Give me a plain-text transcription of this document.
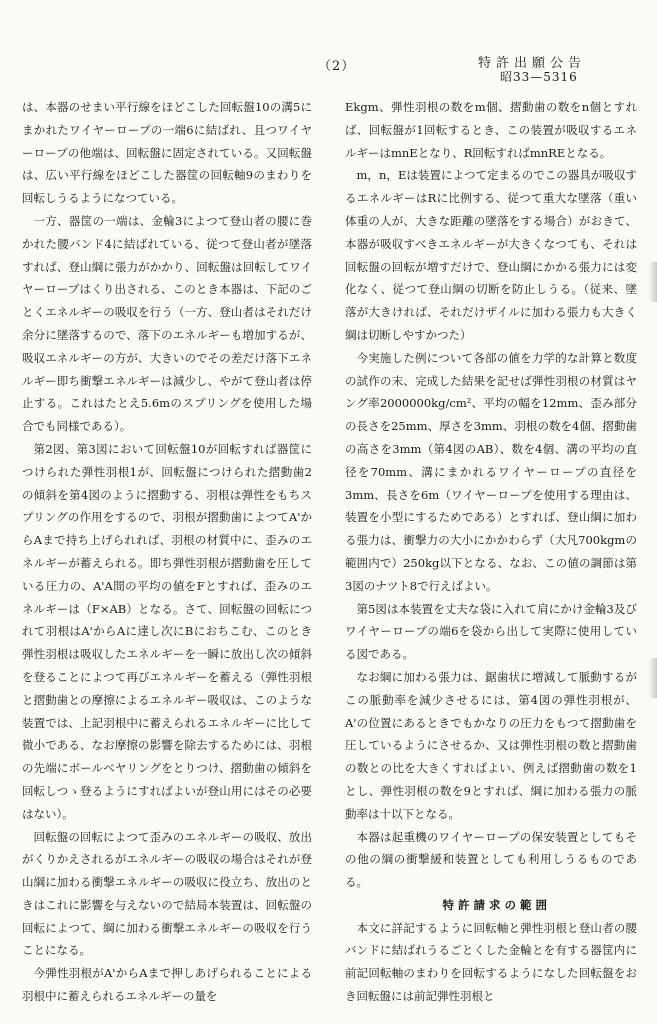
（2）	特許出願公告
昭33—5316

は、本器のせまい平行線をほどこした回転盤10の溝5にまかれたワイヤーロープの一端6に結ばれ、且つワイヤーロープの他端は、回転盤に固定されている。又回転盤は、広い平行線をほどこした器筐の回転軸9のまわりを回転しうるようになつている。

一方、器筐の一端は、金輪3によつて登山者の腰に巻かれた腰バンド4に結ばれている、従つて登山者が墜落すれば、登山綱に張力がかかり、回転盤は回転してワイヤーロープはくり出される、このとき本器は、下記のごとくエネルギーの吸収を行う（一方、登山者はそれだけ余分に墜落するので、落下のエネルギーも増加するが、吸収エネルギーの方が、大きいのでその差だけ落下エネルギー即ち衝撃エネルギーは減少し、やがて登山者は停止する。これはたとえ5.6mのスプリングを使用した場合でも同様である）。

第2図、第3図において回転盤10が回転すれば器筐につけられた弾性羽根1が、回転盤につけられた摺動歯2の傾斜を第4図のように摺動する、羽根は弾性をもちスプリングの作用をするので、羽根が摺動歯によつてA'からAまで持ち上げられれば、羽根の材質中に、歪みのエネルギーが蓄えられる。即ち弾性羽根が摺動歯を圧している圧力の、A'A間の平均の値をFとすれば、歪みのエネルギーは（F×AB）となる。さて、回転盤の回転につれて羽根はA'からAに達し次にBにおちこむ、このとき弾性羽根は吸収したエネルギーを一瞬に放出し次の傾斜を登ることによつて再びエネルギーを蓄える（弾性羽根と摺動歯との摩擦によるエネルギー吸収は、このような装置では、上記羽根中に蓄えられるエネルギーに比して微小である、なお摩擦の影響を除去するためには、羽根の先端にボールベヤリングをとりつけ、摺動歯の傾斜を回転しつゝ登るようにすればよいが登山用にはその必要はない）。

回転盤の回転によつて歪みのエネルギーの吸収、放出がくりかえされるがエネルギーの吸収の場合はそれが登山綱に加わる衝撃エネルギーの吸収に役立ち、放出のときはこれに影響を与えないので結局本装置は、回転盤の回転によつて、綱に加わる衝撃エネルギーの吸収を行うことになる。

今弾性羽根がA'からAまで押しあげられることによる羽根中に蓄えられるエネルギーの量を

Ekgm、弾性羽根の数をm個、摺動歯の数をn個とすれば、回転盤が1回転するとき、この装置が吸収するエネルギーはmnEとなり、R回転すればmnREとなる。

m，n，Eは装置によつて定まるのでこの器具が吸収するエネルギーはRに比例する、従つて重大な墜落（重い体重の人が、大きな距離の墜落をする場合）がおきて、本器が吸収すべきエネルギーが大きくなつても、それは回転盤の回転が増すだけで、登山綱にかかる張力には変化なく、従つて登山綱の切断を防止しうる。（従来、墜落が大きければ、それだけザイルに加わる張力も大きく綱は切断しやすかつた）

今実施した例について各部の値を力学的な計算と数度の試作の末、完成した結果を記せば弾性羽根の材質はヤング率2000000kg/cm²、平均の幅を12mm、歪み部分の長さを25mm、厚さを3mm、羽根の数を4個、摺動歯の高さを3mm（第4図のAB）、数を4個、溝の平均の直径を70mm、溝にまかれるワイヤーロープの直径を3mm、長さを6m（ワイヤーロープを使用する理由は、装置を小型にするためである）とすれば、登山綱に加わる張力は、衝撃力の大小にかかわらず（大凡700kgmの範囲内で）250kg以下となる、なお、この値の調節は第3図のナツト8で行えばよい。

第5図は本装置を丈夫な袋に入れて肩にかけ金輪3及びワイヤーロープの端6を袋から出して実際に使用している図である。

なお綱に加わる張力は、鋸歯状に増減して脈動するがこの脈動率を減少させるには、第4図の弾性羽根が、A'の位置にあるときでもかなりの圧力をもつて摺動歯を圧しているようにさせるか、又は弾性羽根の数と摺動歯の数との比を大きくすればよい、例えば摺動歯の数を1とし、弾性羽根の数を9とすれば、綱に加わる張力の脈動率は十以下となる。

本器は起重機のワイヤーロープの保安装置としてもその他の綱の衝撃緩和装置としても利用しうるものである。

特許請求の範囲

本文に詳記するように回転軸と弾性羽根と登山者の腰バンドに結ばれうるごとくした金輪とを有する器筐内に前記回転軸のまわりを回転するようになした回転盤をおき回転盤には前記弾性羽根と
